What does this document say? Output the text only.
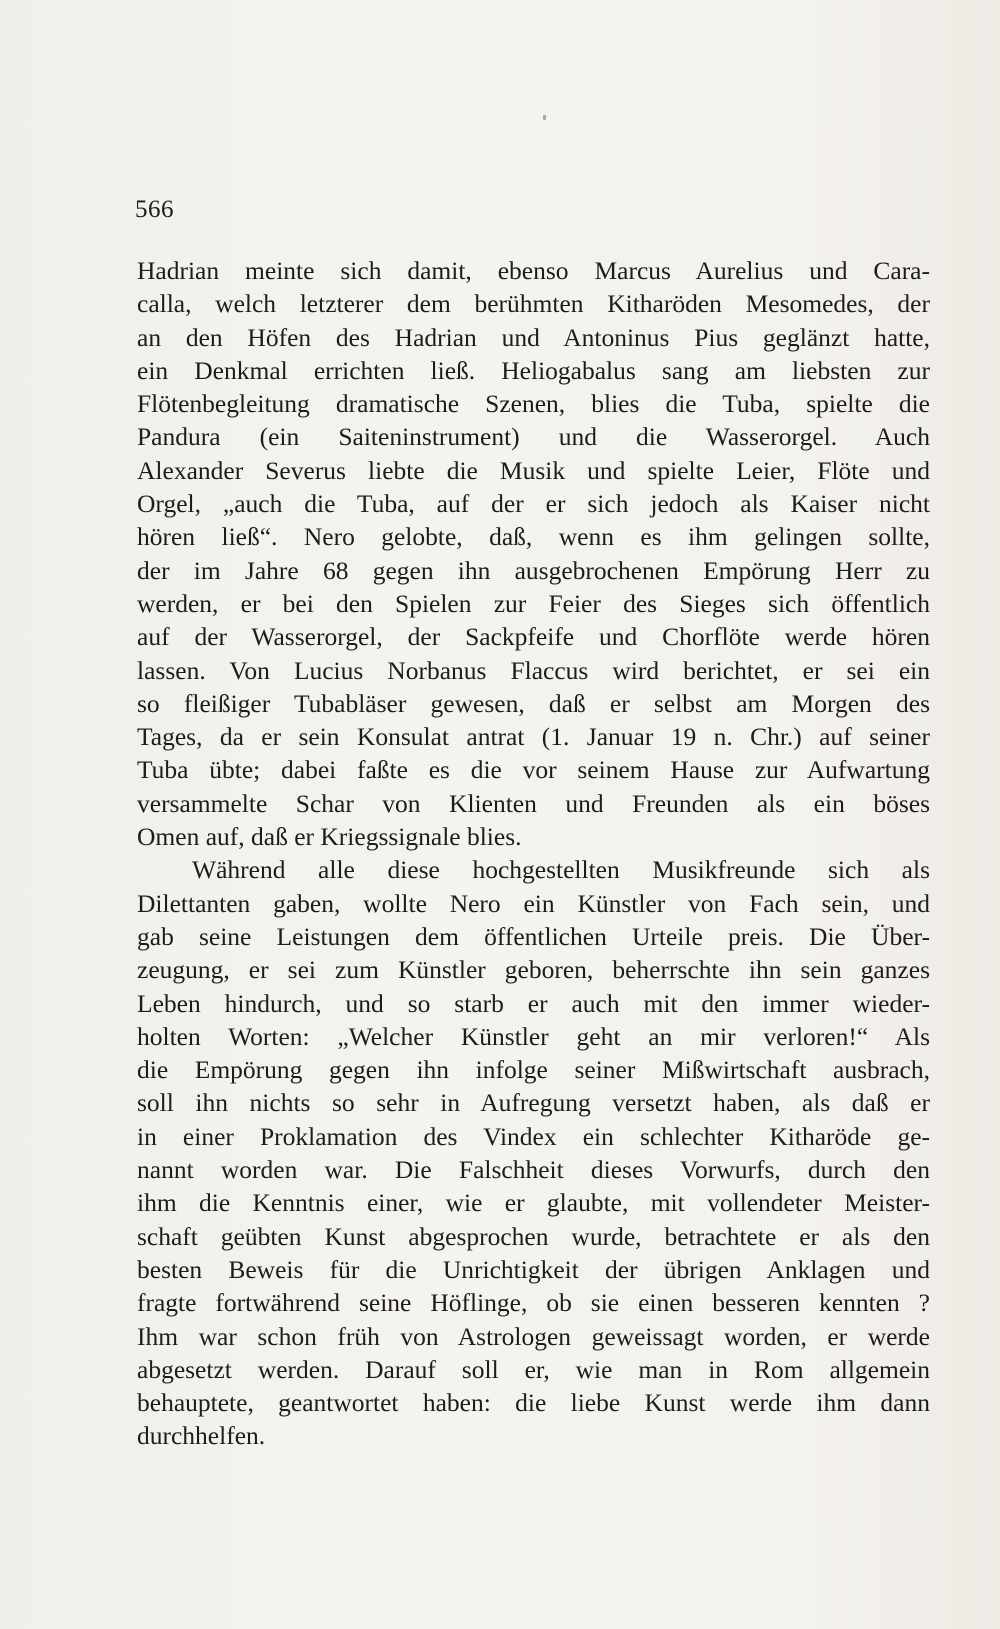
566
Hadrian meinte sich damit, ebenso Marcus Aurelius und Cara-
calla, welch letzterer dem berühmten Kitharöden Mesomedes, der
an den Höfen des Hadrian und Antoninus Pius geglänzt hatte,
ein Denkmal errichten ließ. Heliogabalus sang am liebsten zur
Flötenbegleitung dramatische Szenen, blies die Tuba, spielte die
Pandura (ein Saiteninstrument) und die Wasserorgel. Auch
Alexander Severus liebte die Musik und spielte Leier, Flöte und
Orgel, „auch die Tuba, auf der er sich jedoch als Kaiser nicht
hören ließ“. Nero gelobte, daß, wenn es ihm gelingen sollte,
der im Jahre 68 gegen ihn ausgebrochenen Empörung Herr zu
werden, er bei den Spielen zur Feier des Sieges sich öffentlich
auf der Wasserorgel, der Sackpfeife und Chorflöte werde hören
lassen. Von Lucius Norbanus Flaccus wird berichtet, er sei ein
so fleißiger Tubabläser gewesen, daß er selbst am Morgen des
Tages, da er sein Konsulat antrat (1. Januar 19 n. Chr.) auf seiner
Tuba übte; dabei faßte es die vor seinem Hause zur Aufwartung
versammelte Schar von Klienten und Freunden als ein böses
Omen auf, daß er Kriegssignale blies.
Während alle diese hochgestellten Musikfreunde sich als
Dilettanten gaben, wollte Nero ein Künstler von Fach sein, und
gab seine Leistungen dem öffentlichen Urteile preis. Die Über-
zeugung, er sei zum Künstler geboren, beherrschte ihn sein ganzes
Leben hindurch, und so starb er auch mit den immer wieder-
holten Worten: „Welcher Künstler geht an mir verloren!“ Als
die Empörung gegen ihn infolge seiner Mißwirtschaft ausbrach,
soll ihn nichts so sehr in Aufregung versetzt haben, als daß er
in einer Proklamation des Vindex ein schlechter Kitharöde ge-
nannt worden war. Die Falschheit dieses Vorwurfs, durch den
ihm die Kenntnis einer, wie er glaubte, mit vollendeter Meister-
schaft geübten Kunst abgesprochen wurde, betrachtete er als den
besten Beweis für die Unrichtigkeit der übrigen Anklagen und
fragte fortwährend seine Höflinge, ob sie einen besseren kennten ?
Ihm war schon früh von Astrologen geweissagt worden, er werde
abgesetzt werden. Darauf soll er, wie man in Rom allgemein
behauptete, geantwortet haben: die liebe Kunst werde ihm dann
durchhelfen.
